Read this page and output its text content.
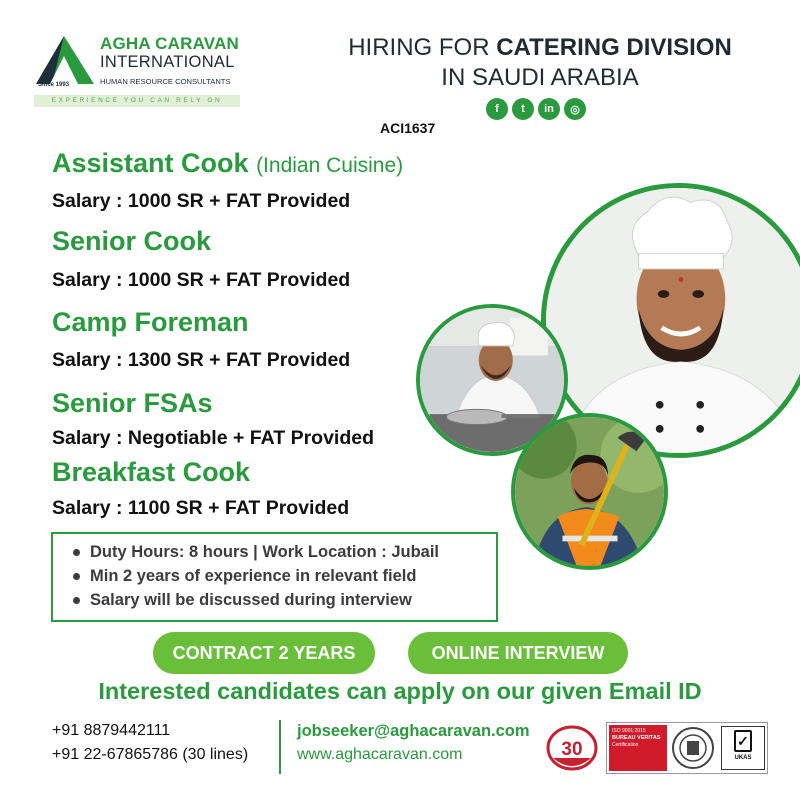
Since 1993
AGHA CARAVAN
INTERNATIONAL
HUMAN RESOURCE CONSULTANTS
EXPERIENCE YOU CAN RELY ON
HIRING FOR CATERING DIVISION
IN SAUDI ARABIA
f	t	in	◎
ACI1637
Assistant Cook (Indian Cuisine)
Salary : 1000 SR + FAT Provided
Senior Cook
Salary : 1000 SR + FAT Provided
Camp Foreman
Salary : 1300 SR + FAT Provided
Senior FSAs
Salary : Negotiable + FAT Provided
Breakfast Cook
Salary : 1100 SR + FAT Provided
Duty Hours: 8 hours | Work Location : Jubail
Min 2 years of experience in relevant field
Salary will be discussed during interview
CONTRACT 2 YEARS	ONLINE INTERVIEW
Interested candidates can apply on our given Email ID
+91 8879442111
+91 22-67865786 (30 lines)
jobseeker@aghacaravan.com
www.aghacaravan.com	30
ISO 9001:2015
BUREAU VERITAS
Certification	✓
UKAS
